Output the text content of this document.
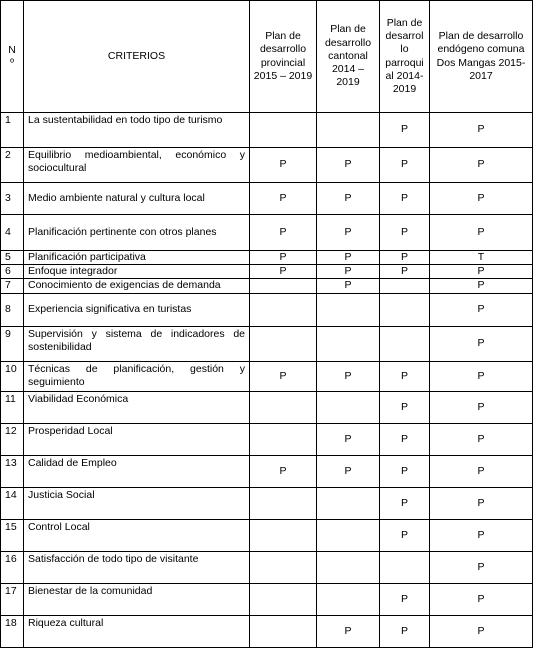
N
º	CRITERIOS	Plan de desarrollo provincial 2015 – 2019	Plan de desarrollo cantonal 2014 – 2019	Plan de desarrol lo parroqui al 2014-2019	Plan de desarrollo endógeno comuna Dos Mangas 2015-2017
1	La sustentabilidad en todo tipo de turismo			P	P
2	Equilibrio medioambiental, económico y sociocultural	P	P	P	P
3	Medio ambiente natural y cultura local	P	P	P	P
4	Planificación pertinente con otros planes	P	P	P	P
5	Planificación participativa	P	P	P	T
6	Enfoque integrador	P	P	P	P
7	Conocimiento de exigencias de demanda		P		P
8	Experiencia significativa en turistas				P
9	Supervisión y sistema de indicadores de sostenibilidad				P
10	Técnicas de planificación, gestión y seguimiento	P	P	P	P
11	Viabilidad Económica			P	P
12	Prosperidad Local		P	P	P
13	Calidad de Empleo	P	P	P	P
14	Justicia Social			P	P
15	Control Local			P	P
16	Satisfacción de todo tipo de visitante				P
17	Bienestar de la comunidad			P	P
18	Riqueza cultural		P	P	P
